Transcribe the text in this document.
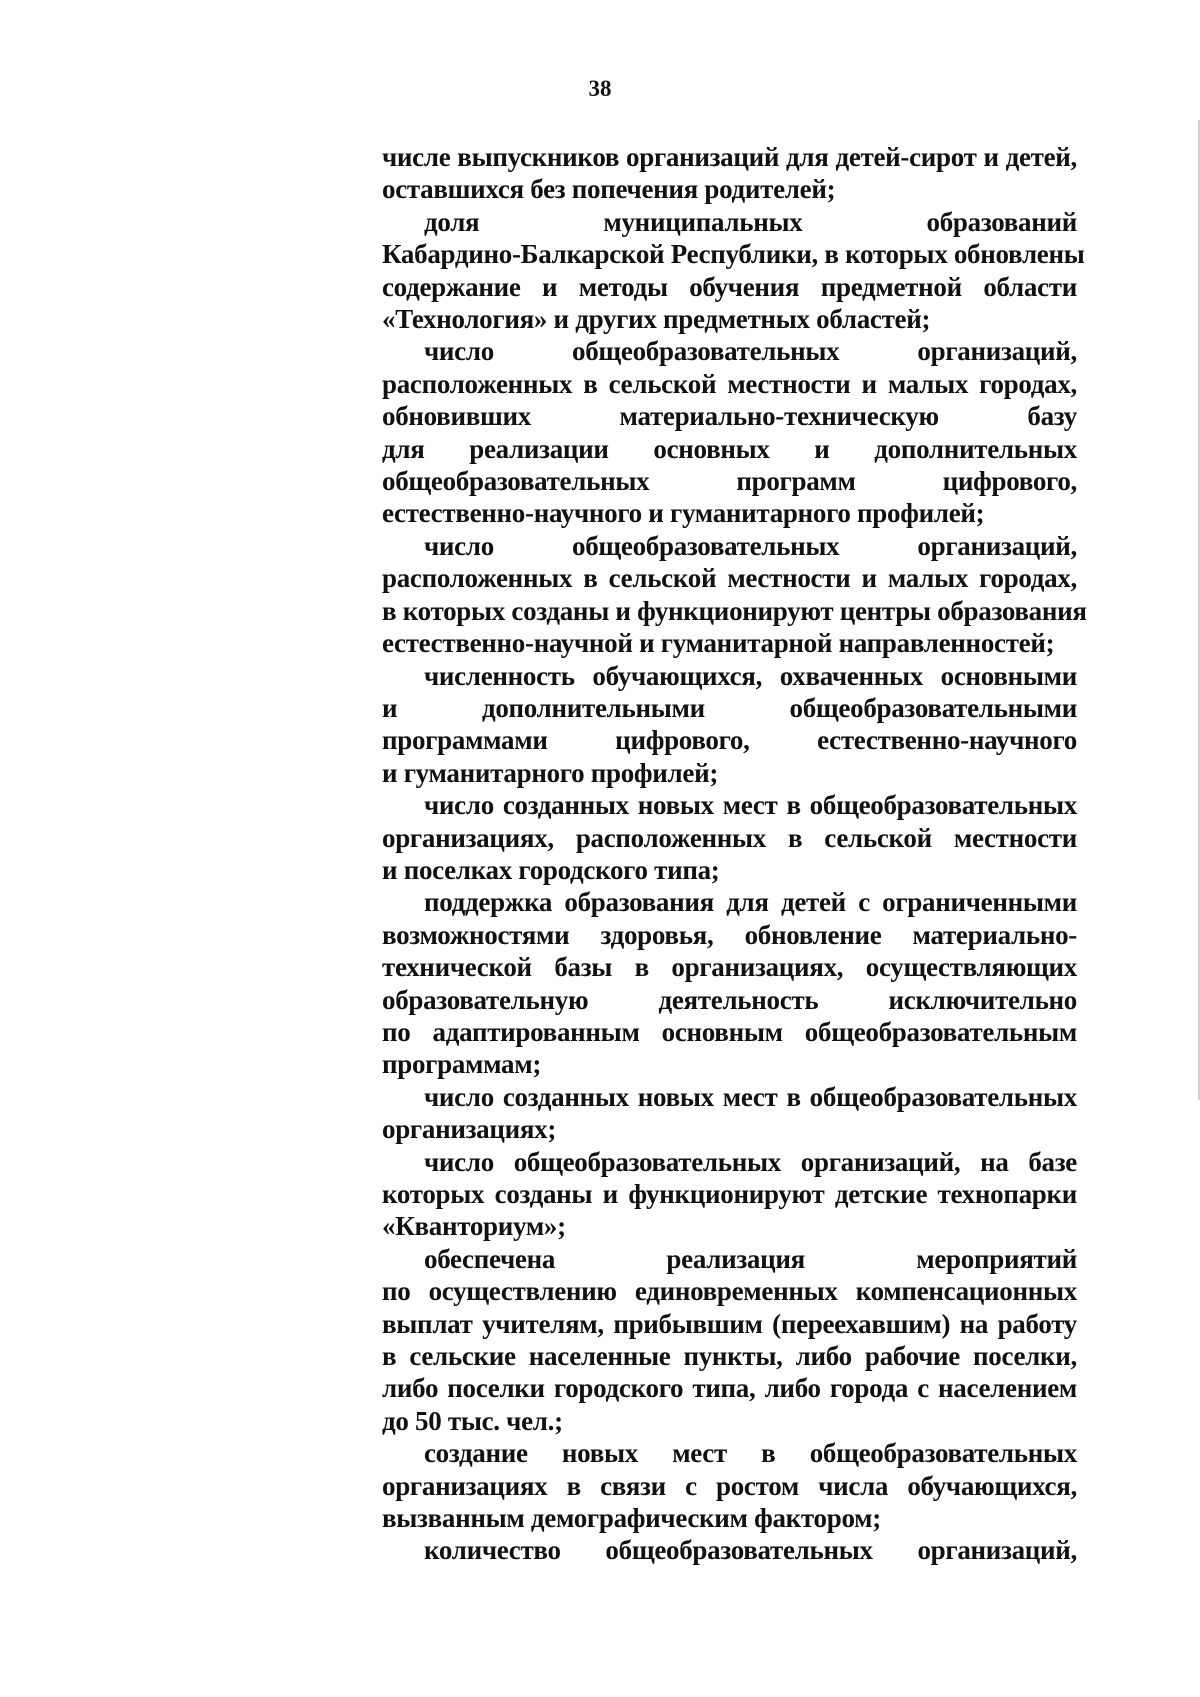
38

числе выпускников организаций для детей-сирот и детей,
оставшихся без попечения родителей;

доля муниципальных образований
Кабардино-Балкарской Республики, в которых обновлены
содержание и методы обучения предметной области
«Технология» и других предметных областей;

число общеобразовательных организаций,
расположенных в сельской местности и малых городах,
обновивших материально-техническую базу
для реализации основных и дополнительных
общеобразовательных программ цифрового,
естественно-научного и гуманитарного профилей;

число общеобразовательных организаций,
расположенных в сельской местности и малых городах,
в которых созданы и функционируют центры образования
естественно-научной и гуманитарной направленностей;

численность обучающихся, охваченных основными
и дополнительными общеобразовательными
программами цифрового, естественно-научного
и гуманитарного профилей;

число созданных новых мест в общеобразовательных
организациях, расположенных в сельской местности
и поселках городского типа;

поддержка образования для детей с ограниченными
возможностями здоровья, обновление материально-
технической базы в организациях, осуществляющих
образовательную деятельность исключительно
по адаптированным основным общеобразовательным
программам;

число созданных новых мест в общеобразовательных
организациях;

число общеобразовательных организаций, на базе
которых созданы и функционируют детские технопарки
«Кванториум»;

обеспечена реализация мероприятий
по осуществлению единовременных компенсационных
выплат учителям, прибывшим (переехавшим) на работу
в сельские населенные пункты, либо рабочие поселки,
либо поселки городского типа, либо города с населением
до 50 тыс. чел.;

создание новых мест в общеобразовательных
организациях в связи с ростом числа обучающихся,
вызванным демографическим фактором;

количество общеобразовательных организаций,
